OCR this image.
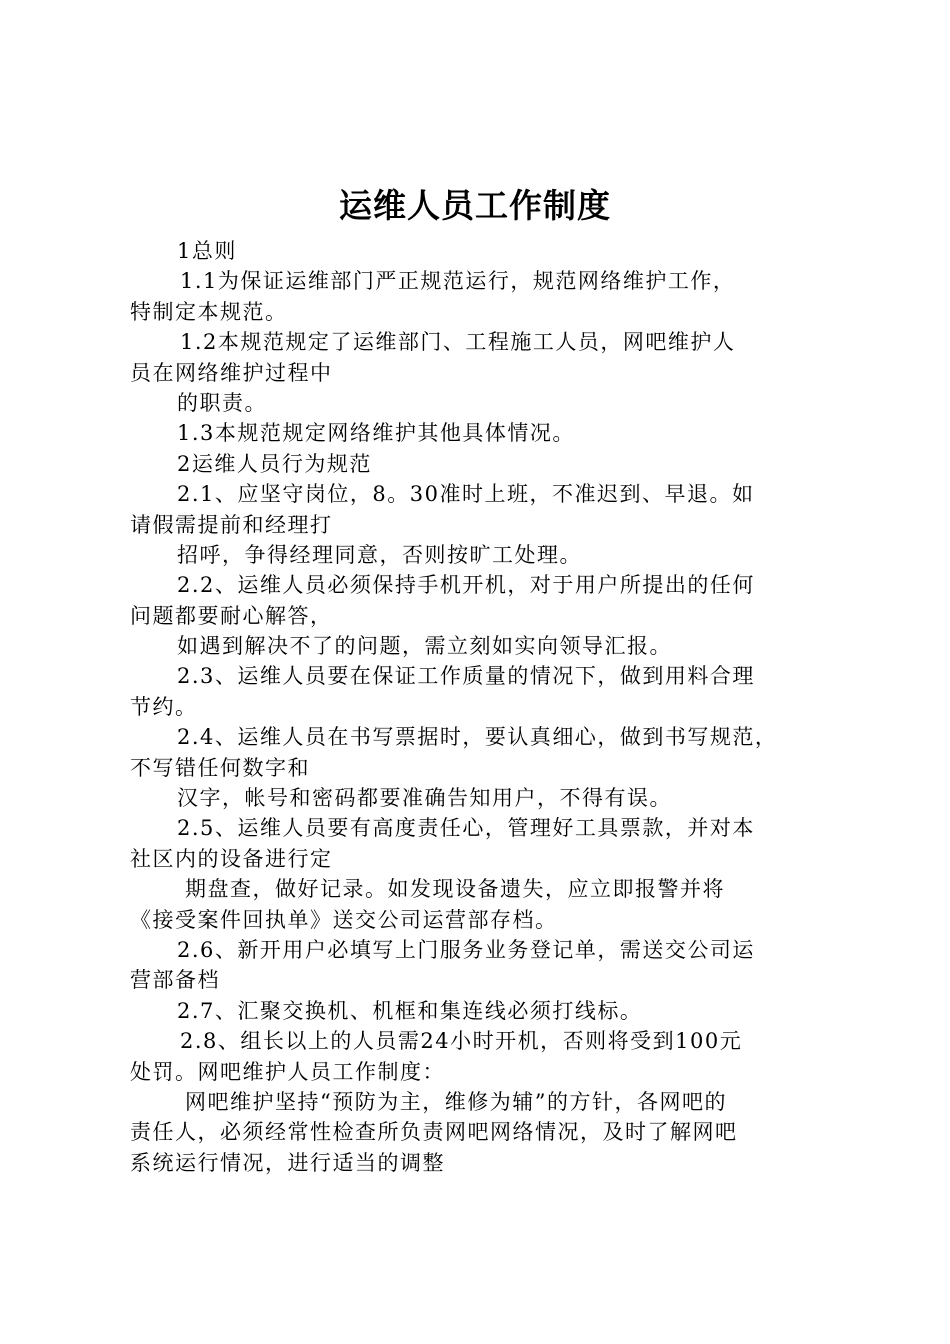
运维人员工作制度
1总则
1.1为保证运维部门严正规范运行，规范网络维护工作，
特制定本规范。
1.2本规范规定了运维部门、工程施工人员，网吧维护人
员在网络维护过程中
的职责。
1.3本规范规定网络维护其他具体情况。
2运维人员行为规范
2.1、应坚守岗位，8。30准时上班，不准迟到、早退。如
请假需提前和经理打
招呼，争得经理同意，否则按旷工处理。
2.2、运维人员必须保持手机开机，对于用户所提出的任何
问题都要耐心解答，
如遇到解决不了的问题，需立刻如实向领导汇报。
2.3、运维人员要在保证工作质量的情况下，做到用料合理
节约。
2.4、运维人员在书写票据时，要认真细心，做到书写规范，
不写错任何数字和
汉字，帐号和密码都要准确告知用户，不得有误。
2.5、运维人员要有高度责任心，管理好工具票款，并对本
社区内的设备进行定
期盘查，做好记录。如发现设备遗失，应立即报警并将
《接受案件回执单》送交公司运营部存档。
2.6、新开用户必填写上门服务业务登记单，需送交公司运
营部备档
2.7、汇聚交换机、机框和集连线必须打线标。
2.8、组长以上的人员需24小时开机，否则将受到100元
处罚。网吧维护人员工作制度：
网吧维护坚持“预防为主，维修为辅”的方针，各网吧的
责任人，必须经常性检查所负责网吧网络情况，及时了解网吧
系统运行情况，进行适当的调整
